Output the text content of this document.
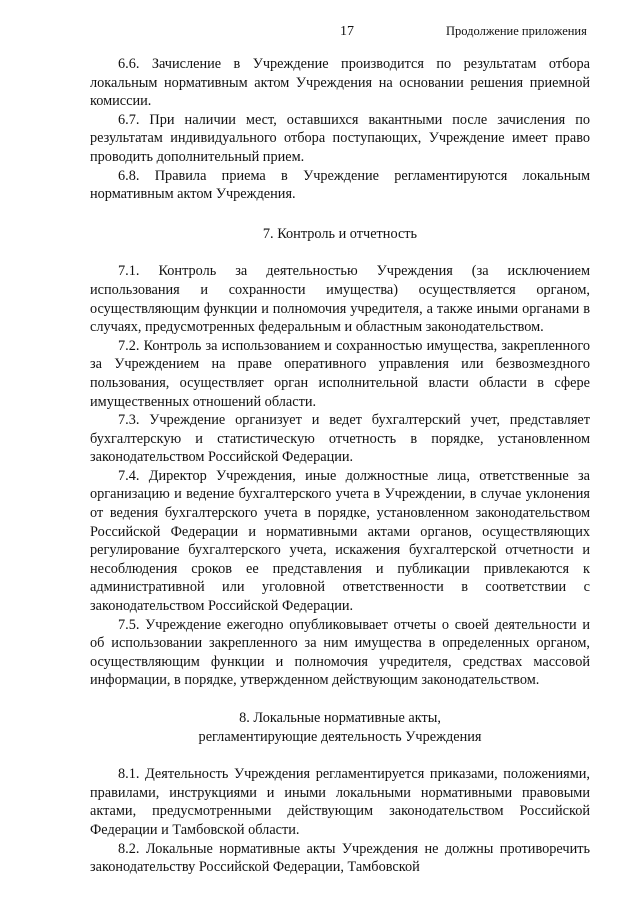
17	Продолжение приложения

6.6. Зачисление в Учреждение производится по результатам отбора локальным нормативным актом Учреждения на основании решения приемной комиссии.

6.7. При наличии мест, оставшихся вакантными после зачисления по результатам индивидуального отбора поступающих, Учреждение имеет право проводить дополнительный прием.

6.8. Правила приема в Учреждение регламентируются локальным нормативным актом Учреждения.

7. Контроль и отчетность

7.1. Контроль за деятельностью Учреждения (за исключением использования и сохранности имущества) осуществляется органом, осуществляющим функции и полномочия учредителя, а также иными органами в случаях, предусмотренных федеральным и областным законодательством.

7.2. Контроль за использованием и сохранностью имущества, закрепленного за Учреждением на праве оперативного управления или безвозмездного пользования, осуществляет орган исполнительной власти области в сфере имущественных отношений области.

7.3. Учреждение организует и ведет бухгалтерский учет, представляет бухгалтерскую и статистическую отчетность в порядке, установленном законодательством Российской Федерации.

7.4. Директор Учреждения, иные должностные лица, ответственные за организацию и ведение бухгалтерского учета в Учреждении, в случае уклонения от ведения бухгалтерского учета в порядке, установленном законодательством Российской Федерации и нормативными актами органов, осуществляющих регулирование бухгалтерского учета, искажения бухгалтерской отчетности и несоблюдения сроков ее представления и публикации привлекаются к административной или уголовной ответственности в соответствии с законодательством Российской Федерации.

7.5. Учреждение ежегодно опубликовывает отчеты о своей деятельности и об использовании закрепленного за ним имущества в определенных органом, осуществляющим функции и полномочия учредителя, средствах массовой информации, в порядке, утвержденном действующим законодательством.

8. Локальные нормативные акты,
регламентирующие деятельность Учреждения

8.1. Деятельность Учреждения регламентируется приказами, положениями, правилами, инструкциями и иными локальными нормативными правовыми актами, предусмотренными действующим законодательством Российской Федерации и Тамбовской области.

8.2. Локальные нормативные акты Учреждения не должны противоречить законодательству Российской Федерации, Тамбовской
